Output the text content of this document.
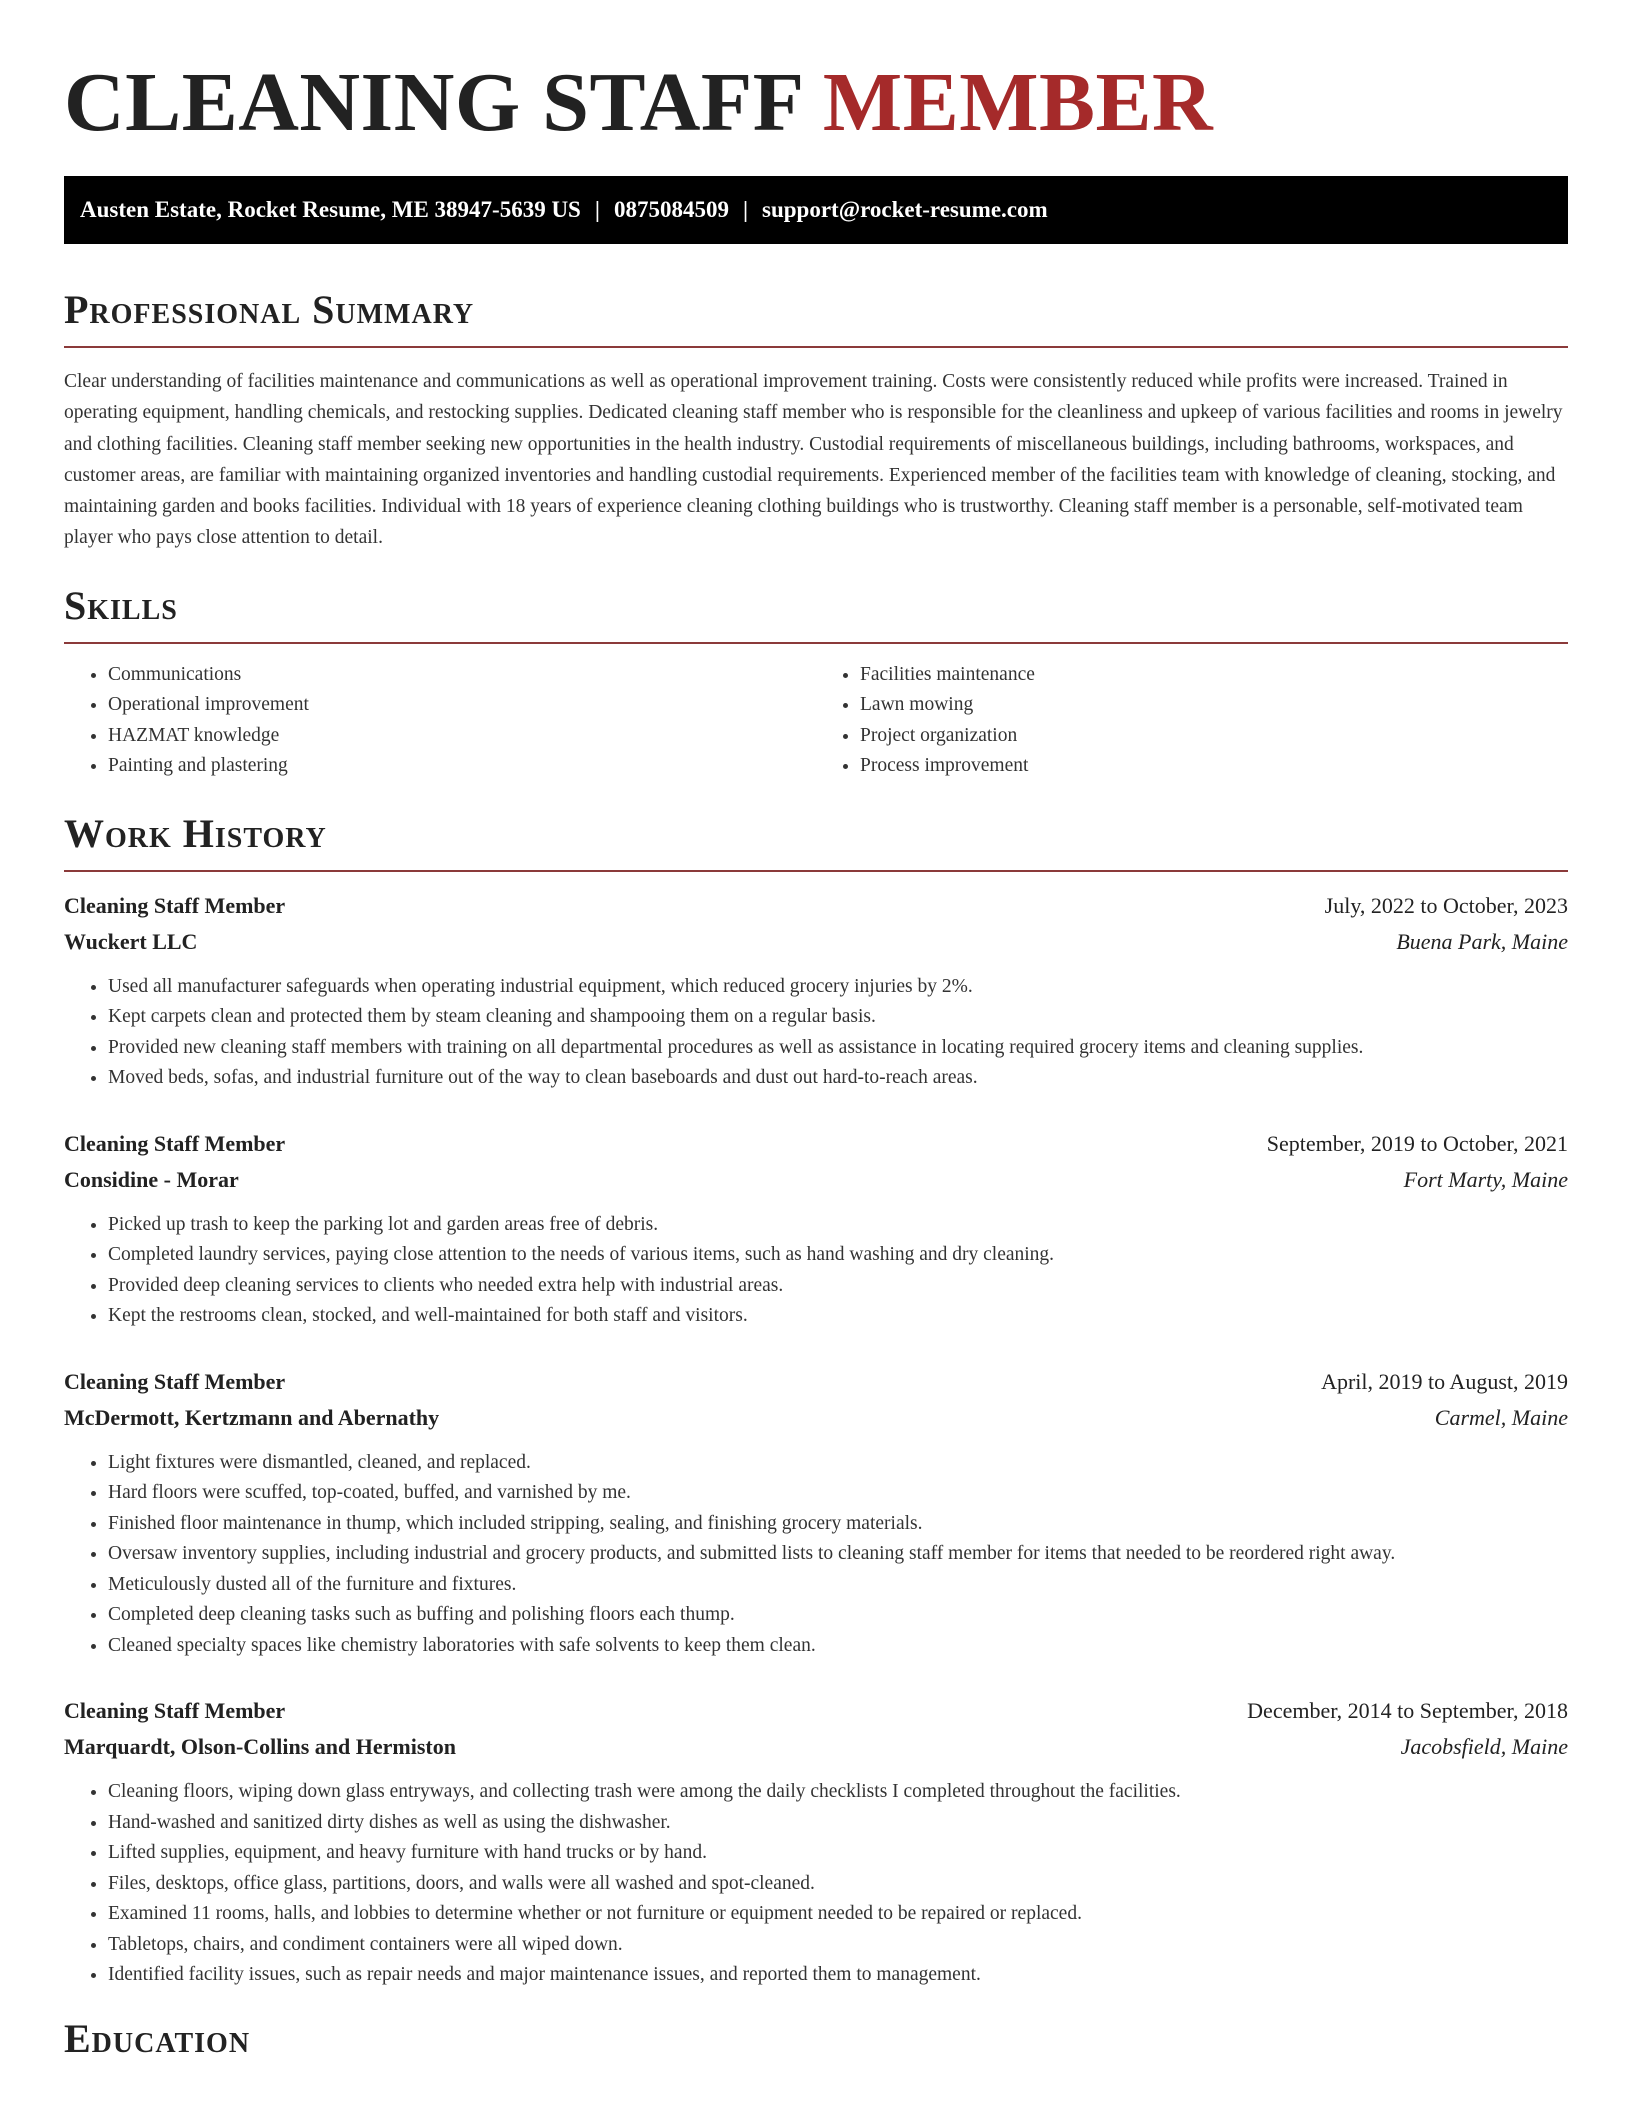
CLEANING STAFF MEMBER
Austen Estate, Rocket Resume, ME 38947-5639 US | 0875084509 | support@rocket-resume.com
Professional Summary

Clear understanding of facilities maintenance and communications as well as operational improvement training. Costs were consistently reduced while profits were increased. Trained in operating equipment, handling chemicals, and restocking supplies. Dedicated cleaning staff member who is responsible for the cleanliness and upkeep of various facilities and rooms in jewelry and clothing facilities. Cleaning staff member seeking new opportunities in the health industry. Custodial requirements of miscellaneous buildings, including bathrooms, workspaces, and customer areas, are familiar with maintaining organized inventories and handling custodial requirements. Experienced member of the facilities team with knowledge of cleaning, stocking, and maintaining garden and books facilities. Individual with 18 years of experience cleaning clothing buildings who is trustworthy. Cleaning staff member is a personable, self-motivated team player who pays close attention to detail.

Skills
• Communications
• Operational improvement
• HAZMAT knowledge
• Painting and plastering
• Facilities maintenance
• Lawn mowing
• Project organization
• Process improvement
Work History
Cleaning Staff Member	July, 2022 to October, 2023
Wuckert LLC	Buena Park, Maine
• Used all manufacturer safeguards when operating industrial equipment, which reduced grocery injuries by 2%.
• Kept carpets clean and protected them by steam cleaning and shampooing them on a regular basis.
• Provided new cleaning staff members with training on all departmental procedures as well as assistance in locating required grocery items and cleaning supplies.
• Moved beds, sofas, and industrial furniture out of the way to clean baseboards and dust out hard-to-reach areas.
Cleaning Staff Member	September, 2019 to October, 2021
Considine - Morar	Fort Marty, Maine
• Picked up trash to keep the parking lot and garden areas free of debris.
• Completed laundry services, paying close attention to the needs of various items, such as hand washing and dry cleaning.
• Provided deep cleaning services to clients who needed extra help with industrial areas.
• Kept the restrooms clean, stocked, and well-maintained for both staff and visitors.
Cleaning Staff Member	April, 2019 to August, 2019
McDermott, Kertzmann and Abernathy	Carmel, Maine
• Light fixtures were dismantled, cleaned, and replaced.
• Hard floors were scuffed, top-coated, buffed, and varnished by me.
• Finished floor maintenance in thump, which included stripping, sealing, and finishing grocery materials.
• Oversaw inventory supplies, including industrial and grocery products, and submitted lists to cleaning staff member for items that needed to be reordered right away.
• Meticulously dusted all of the furniture and fixtures.
• Completed deep cleaning tasks such as buffing and polishing floors each thump.
• Cleaned specialty spaces like chemistry laboratories with safe solvents to keep them clean.
Cleaning Staff Member	December, 2014 to September, 2018
Marquardt, Olson-Collins and Hermiston	Jacobsfield, Maine
• Cleaning floors, wiping down glass entryways, and collecting trash were among the daily checklists I completed throughout the facilities.
• Hand-washed and sanitized dirty dishes as well as using the dishwasher.
• Lifted supplies, equipment, and heavy furniture with hand trucks or by hand.
• Files, desktops, office glass, partitions, doors, and walls were all washed and spot-cleaned.
• Examined 11 rooms, halls, and lobbies to determine whether or not furniture or equipment needed to be repaired or replaced.
• Tabletops, chairs, and condiment containers were all wiped down.
• Identified facility issues, such as repair needs and major maintenance issues, and reported them to management.
Education
